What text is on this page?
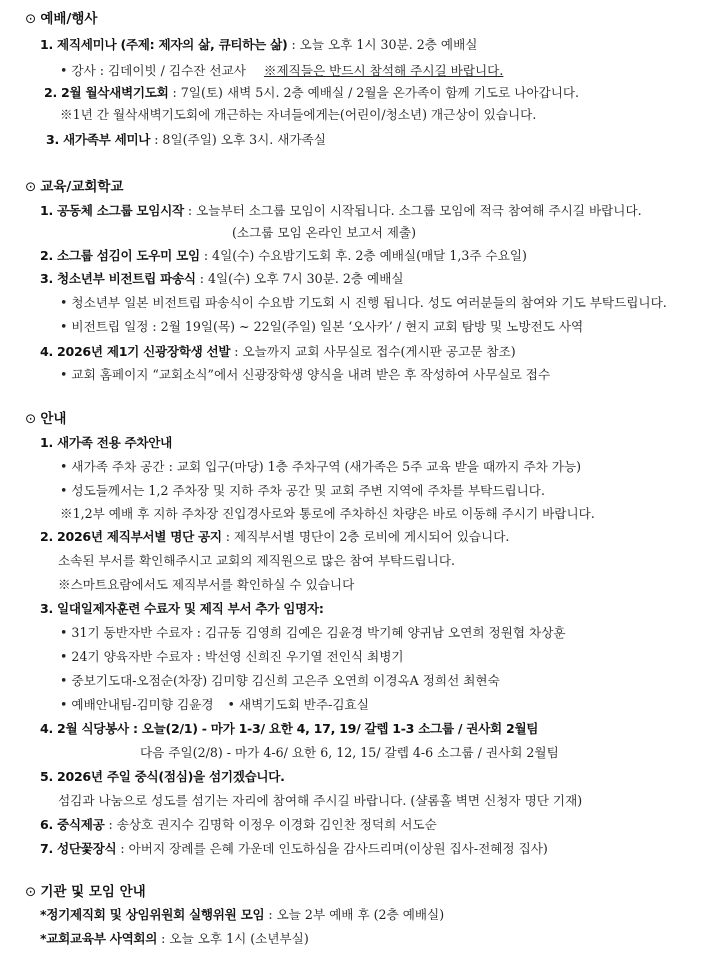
⊙ 예배/행사
1. 제직세미나 (주제: 제자의 삶, 큐티하는 삶) : 오늘 오후 1시 30분. 2층 예배실
• 강사 : 김데이빗 / 김수잔 선교사 ※제직들은 반드시 참석해 주시길 바랍니다.
2. 2월 월삭새벽기도회 : 7일(토) 새벽 5시. 2층 예배실 / 2월을 온가족이 함께 기도로 나아갑니다.
※1년 간 월삭새벽기도회에 개근하는 자녀들에게는(어린이/청소년) 개근상이 있습니다.
3. 새가족부 세미나 : 8일(주일) 오후 3시. 새가족실
⊙ 교육/교회학교
1. 공동체 소그룹 모임시작 : 오늘부터 소그룹 모임이 시작됩니다. 소그룹 모임에 적극 참여해 주시길 바랍니다.
(소그룹 모임 온라인 보고서 제출)
2. 소그룹 섬김이 도우미 모임 : 4일(수) 수요밤기도회 후. 2층 예배실(매달 1,3주 수요일)
3. 청소년부 비전트립 파송식 : 4일(수) 오후 7시 30분. 2층 예배실
• 청소년부 일본 비전트립 파송식이 수요밤 기도회 시 진행 됩니다. 성도 여러분들의 참여와 기도 부탁드립니다.
• 비전트립 일정 : 2월 19일(목) ~ 22일(주일) 일본 ‘오사카’ / 현지 교회 탐방 및 노방전도 사역
4. 2026년 제1기 신광장학생 선발 : 오늘까지 교회 사무실로 접수(게시판 공고문 참조)
• 교회 홈페이지 “교회소식”에서 신광장학생 양식을 내려 받은 후 작성하여 사무실로 접수
⊙ 안내
1. 새가족 전용 주차안내
• 새가족 주차 공간 : 교회 입구(마당) 1층 주차구역 (새가족은 5주 교육 받을 때까지 주차 가능)
• 성도들께서는 1,2 주차장 및 지하 주차 공간 및 교회 주변 지역에 주차를 부탁드립니다.
※1,2부 예배 후 지하 주차장 진입경사로와 통로에 주차하신 차량은 바로 이동해 주시기 바랍니다.
2. 2026년 제직부서별 명단 공지 : 제직부서별 명단이 2층 로비에 게시되어 있습니다.
소속된 부서를 확인해주시고 교회의 제직원으로 많은 참여 부탁드립니다.
※스마트요람에서도 제직부서를 확인하실 수 있습니다
3. 일대일제자훈련 수료자 및 제직 부서 추가 임명자:
• 31기 동반자반 수료자 : 김규동 김영희 김예은 김윤경 박기혜 양귀남 오연희 정원협 차상훈
• 24기 양육자반 수료자 : 박선영 신희진 우기열 전인식 최병기
• 중보기도대-오점순(차장) 김미향 김신희 고은주 오연희 이경옥A 정희선 최현숙
• 예배안내팀-김미향 김윤경 • 새벽기도회 반주-김효실
4. 2월 식당봉사 : 오늘(2/1) - 마가 1-3/ 요한 4, 17, 19/ 갈렙 1-3 소그룹 / 권사회 2월팀
다음 주일(2/8) - 마가 4-6/ 요한 6, 12, 15/ 갈렙 4-6 소그룹 / 권사회 2월팀
5. 2026년 주일 중식(점심)을 섬기겠습니다.
섬김과 나눔으로 성도를 섬기는 자리에 참여해 주시길 바랍니다. (샬롬홀 벽면 신청자 명단 기재)
6. 중식제공 : 송상호 권지수 김명학 이정우 이경화 김인찬 정덕희 서도순
7. 성단꽃장식 : 아버지 장례를 은혜 가운데 인도하심을 감사드리며(이상원 집사-전혜정 집사)
⊙ 기관 및 모임 안내
*정기제직회 및 상임위원회 실행위원 모임 : 오늘 2부 예배 후 (2층 예배실)
*교회교육부 사역회의 : 오늘 오후 1시 (소년부실)
